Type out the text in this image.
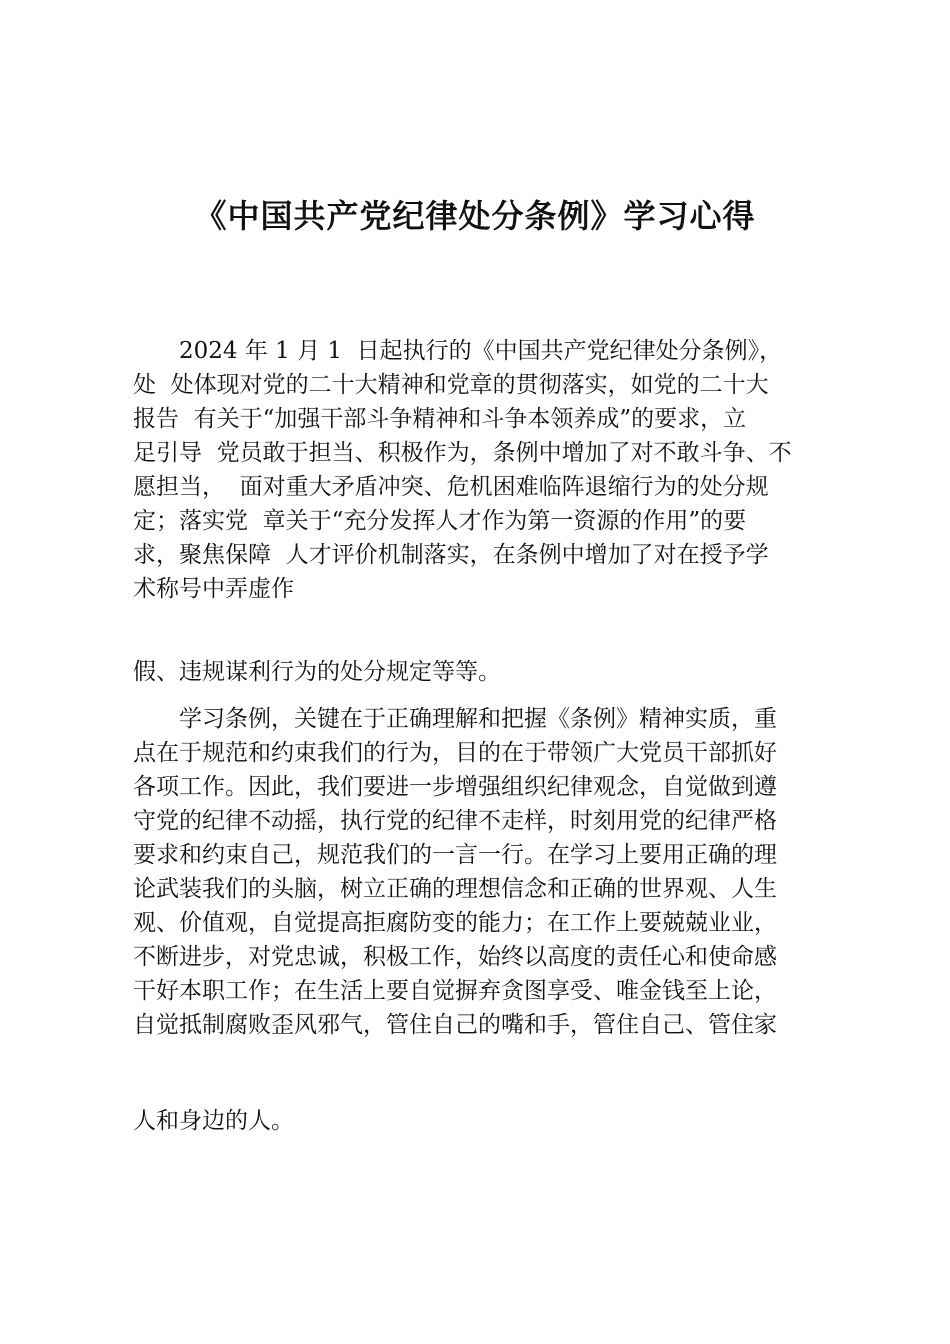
《中国共产党纪律处分条例》学习心得
2024 年 1 月 1  日起执行的《中国共产党纪律处分条例》，
处  处体现对党的二十大精神和党章的贯彻落实，如党的二十大
报告  有关于“加强干部斗争精神和斗争本领养成”的要求，立
足引导  党员敢于担当、积极作为，条例中增加了对不敢斗争、不
愿担当，  面对重大矛盾冲突、危机困难临阵退缩行为的处分规
定；落实党  章关于“充分发挥人才作为第一资源的作用”的要
求，聚焦保障  人才评价机制落实，在条例中增加了对在授予学
术称号中弄虚作
假、违规谋利行为的处分规定等等。
学习条例，关键在于正确理解和把握《条例》精神实质，重
点在于规范和约束我们的行为，目的在于带领广大党员干部抓好
各项工作。因此，我们要进一步增强组织纪律观念，自觉做到遵
守党的纪律不动摇，执行党的纪律不走样，时刻用党的纪律严格
要求和约束自己，规范我们的一言一行。在学习上要用正确的理
论武装我们的头脑，树立正确的理想信念和正确的世界观、人生
观、价值观，自觉提高拒腐防变的能力；在工作上要兢兢业业，
不断进步，对党忠诚，积极工作，始终以高度的责任心和使命感
干好本职工作；在生活上要自觉摒弃贪图享受、唯金钱至上论，
自觉抵制腐败歪风邪气，管住自己的嘴和手，管住自己、管住家
人和身边的人。
